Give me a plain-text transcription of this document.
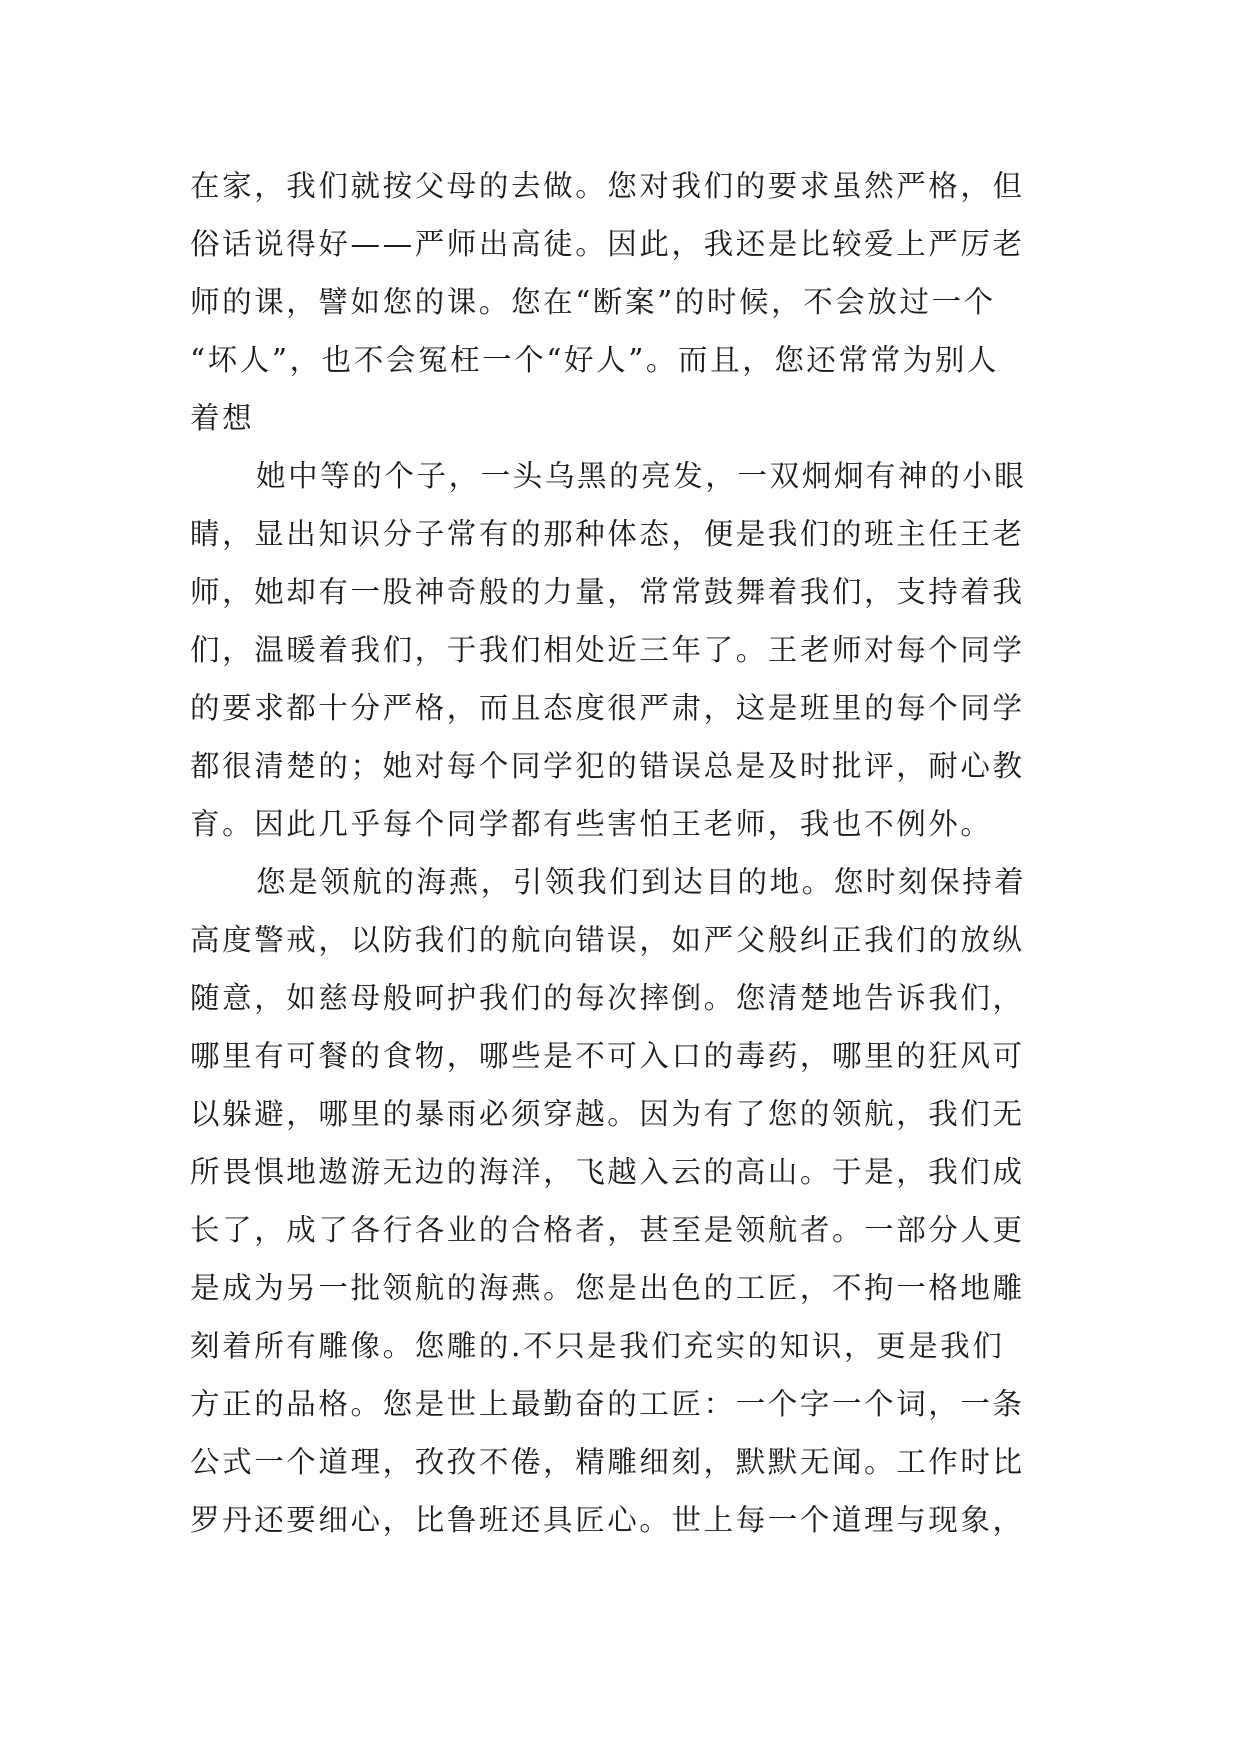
在家，我们就按父母的去做。您对我们的要求虽然严格，但
俗话说得好——严师出高徒。因此，我还是比较爱上严厉老
师的课，譬如您的课。您在“断案”的时候，不会放过一个
“坏人”，也不会冤枉一个“好人”。而且，您还常常为别人
着想
她中等的个子，一头乌黑的亮发，一双炯炯有神的小眼
睛，显出知识分子常有的那种体态，便是我们的班主任王老
师，她却有一股神奇般的力量，常常鼓舞着我们，支持着我
们，温暖着我们，于我们相处近三年了。王老师对每个同学
的要求都十分严格，而且态度很严肃，这是班里的每个同学
都很清楚的；她对每个同学犯的错误总是及时批评，耐心教
育。因此几乎每个同学都有些害怕王老师，我也不例外。
您是领航的海燕，引领我们到达目的地。您时刻保持着
高度警戒，以防我们的航向错误，如严父般纠正我们的放纵
随意，如慈母般呵护我们的每次摔倒。您清楚地告诉我们，
哪里有可餐的食物，哪些是不可入口的毒药，哪里的狂风可
以躲避，哪里的暴雨必须穿越。因为有了您的领航，我们无
所畏惧地遨游无边的海洋，飞越入云的高山。于是，我们成
长了，成了各行各业的合格者，甚至是领航者。一部分人更
是成为另一批领航的海燕。您是出色的工匠，不拘一格地雕
刻着所有雕像。您雕的.不只是我们充实的知识，更是我们
方正的品格。您是世上最勤奋的工匠：一个字一个词，一条
公式一个道理，孜孜不倦，精雕细刻，默默无闻。工作时比
罗丹还要细心，比鲁班还具匠心。世上每一个道理与现象，
